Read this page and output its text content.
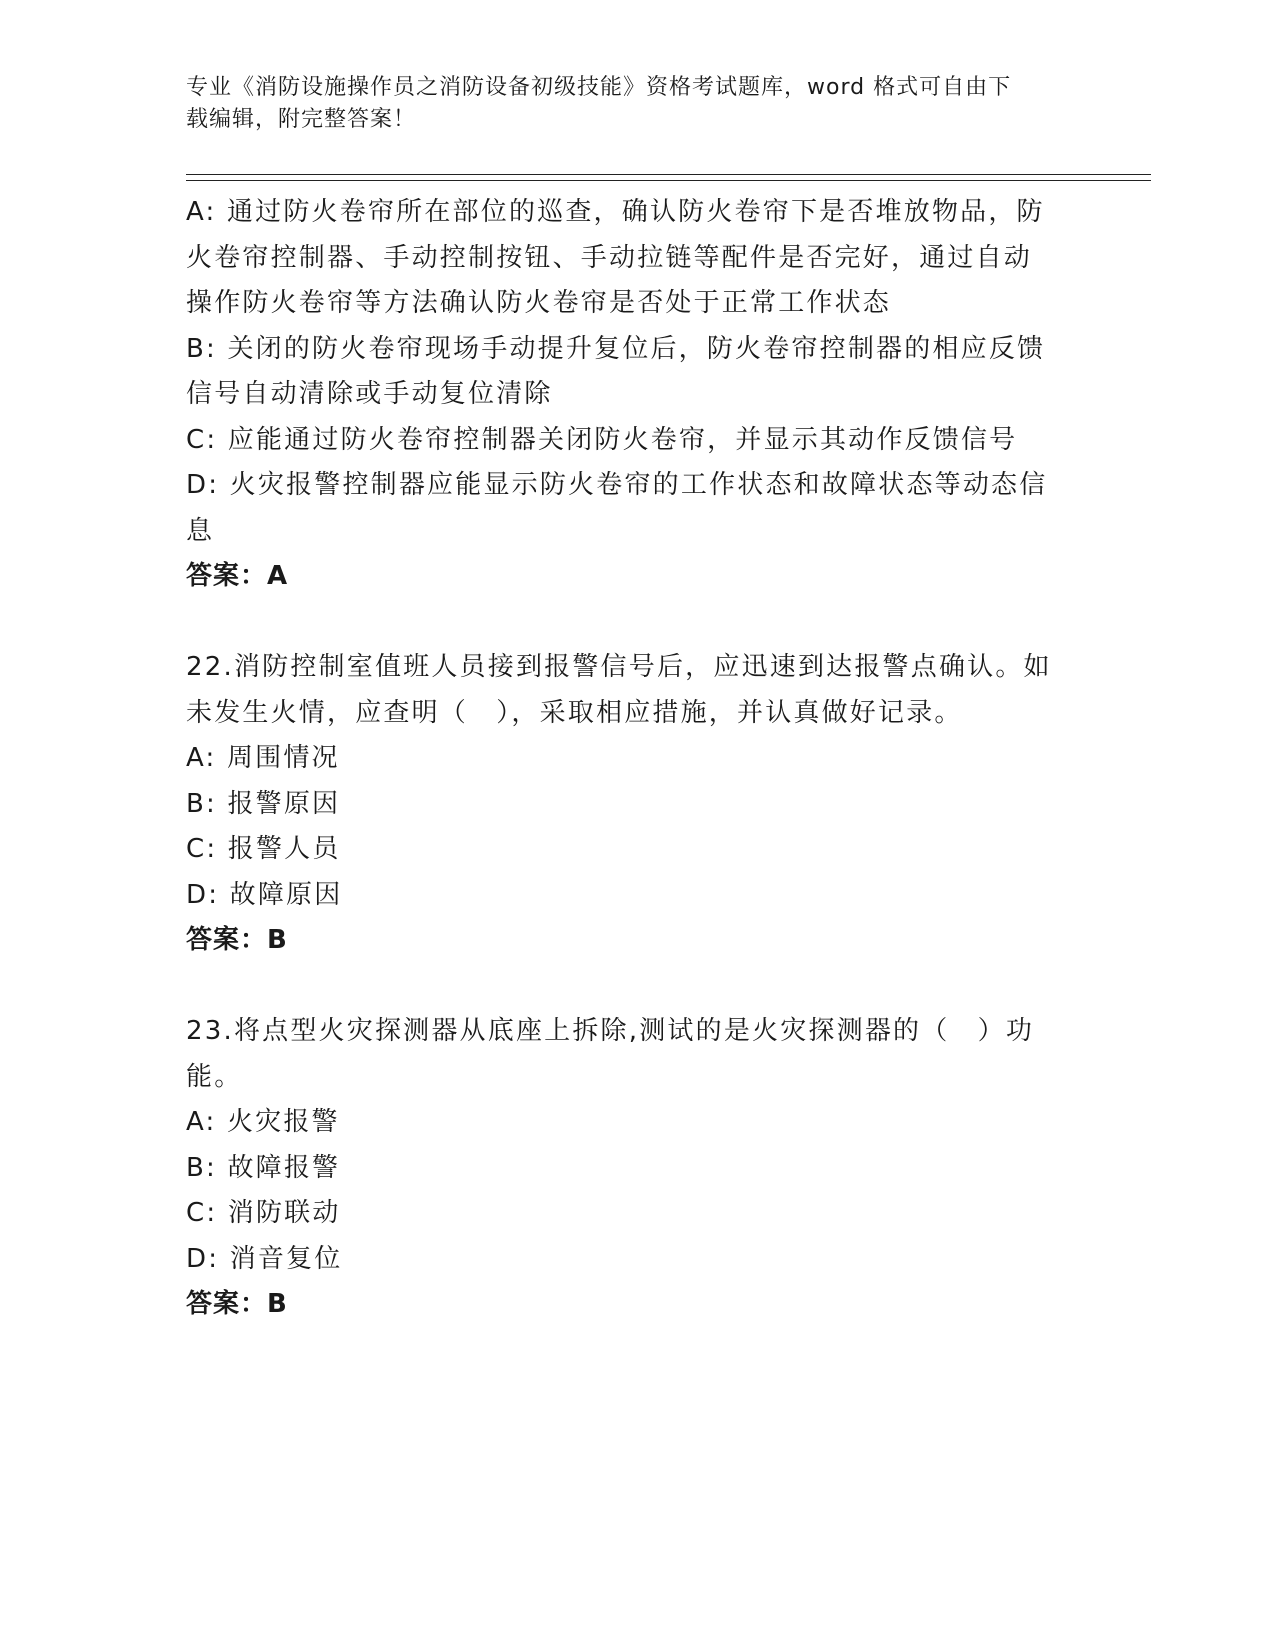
专业《消防设施操作员之消防设备初级技能》资格考试题库，word 格式可自由下
载编辑，附完整答案！
A: 通过防火卷帘所在部位的巡查，确认防火卷帘下是否堆放物品，防
火卷帘控制器、手动控制按钮、手动拉链等配件是否完好，通过自动
操作防火卷帘等方法确认防火卷帘是否处于正常工作状态
B: 关闭的防火卷帘现场手动提升复位后，防火卷帘控制器的相应反馈
信号自动清除或手动复位清除
C: 应能通过防火卷帘控制器关闭防火卷帘，并显示其动作反馈信号
D: 火灾报警控制器应能显示防火卷帘的工作状态和故障状态等动态信
息
答案：A
22.消防控制室值班人员接到报警信号后，应迅速到达报警点确认。如
未发生火情，应查明（　），采取相应措施，并认真做好记录。
A: 周围情况
B: 报警原因
C: 报警人员
D: 故障原因
答案：B
23.将点型火灾探测器从底座上拆除,测试的是火灾探测器的（　）功
能。
A: 火灾报警
B: 故障报警
C: 消防联动
D: 消音复位
答案：B
